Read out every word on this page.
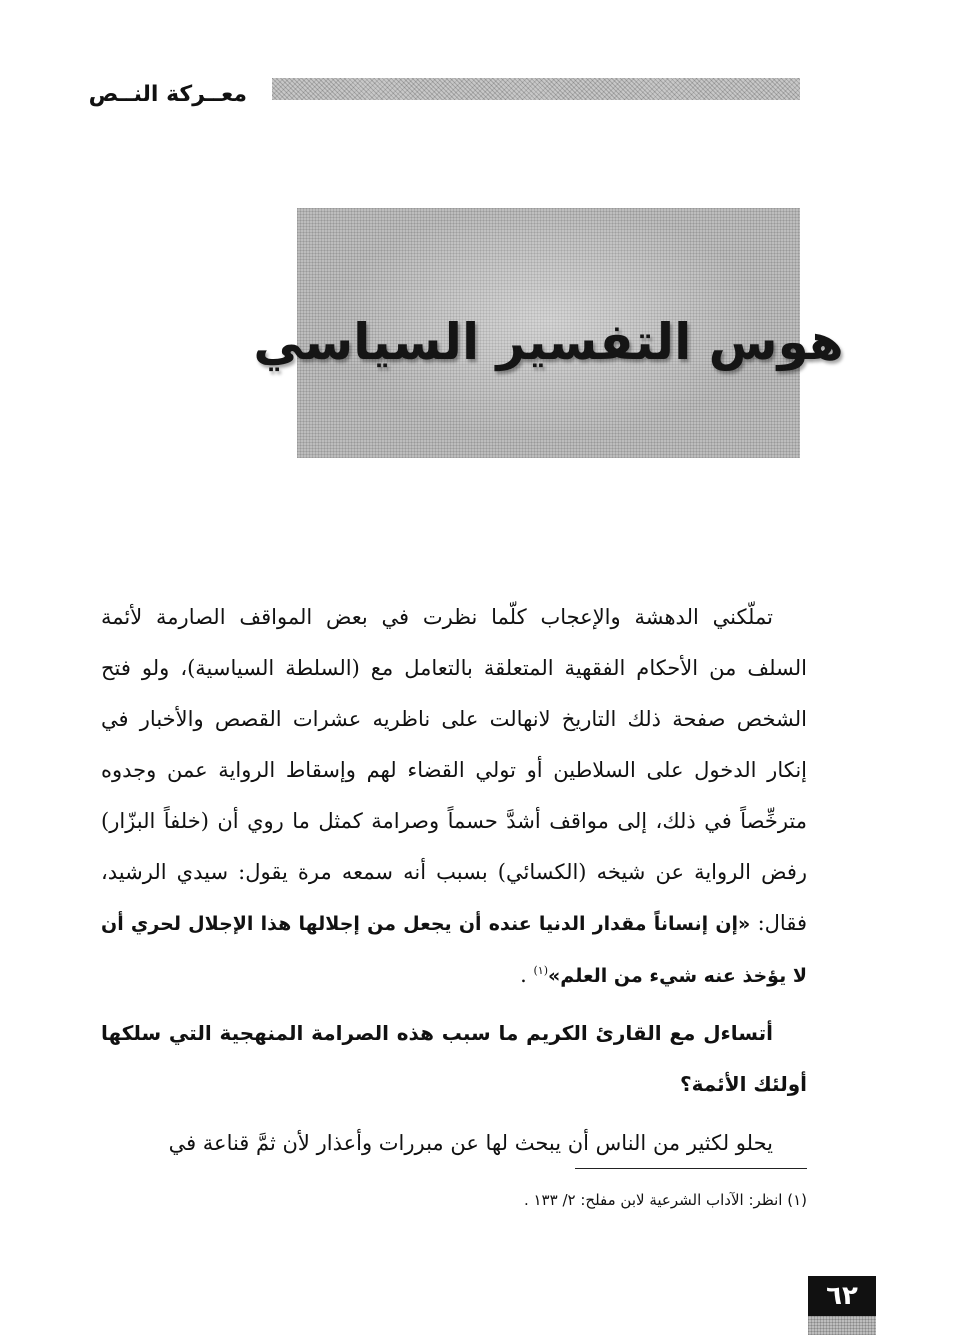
معــركة النــص
هوس التفسير السياسي

تملّكني الدهشة والإعجاب كلّما نظرت في بعض المواقف الصارمة لأئمة السلف من الأحكام الفقهية المتعلقة بالتعامل مع (السلطة السياسية)، ولو فتح الشخص صفحة ذلك التاريخ لانهالت على ناظريه عشرات القصص والأخبار في إنكار الدخول على السلاطين أو تولي القضاء لهم وإسقاط الرواية عمن وجدوه مترخِّصاً في ذلك، إلى مواقف أشدَّ حسماً وصرامة كمثل ما روي أن (خلفاً البزّار) رفض الرواية عن شيخه (الكسائي) بسبب أنه سمعه مرة يقول: سيدي الرشيد، فقال: «إن إنساناً مقدار الدنيا عنده أن يجعل من إجلالها هذا الإجلال لحري أن لا يؤخذ عنه شيء من العلم»$^{(١)}$ .

أتساءل مع القارئ الكريم ما سبب هذه الصرامة المنهجية التي سلكها أولئك الأئمة؟

يحلو لكثير من الناس أن يبحث لها عن مبررات وأعذار لأن ثمَّ قناعة في

(١) انظر: الآداب الشرعية لابن مفلح: ٢/ ١٣٣ .
٦٢
